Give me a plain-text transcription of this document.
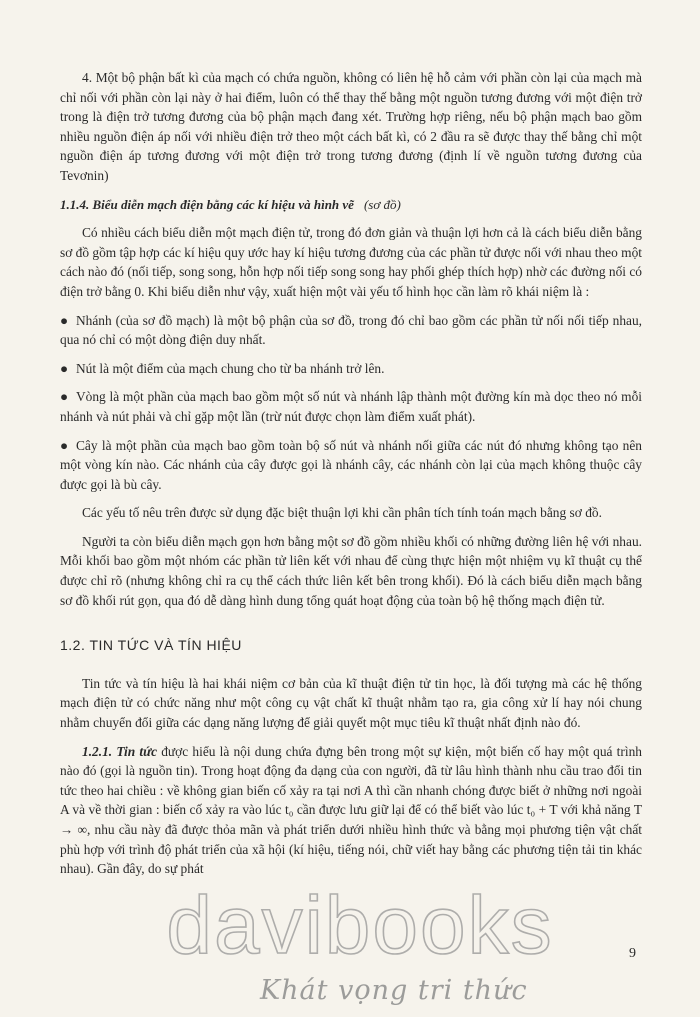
4. Một bộ phận bất kì của mạch có chứa nguồn, không có liên hệ hỗ cảm với phần còn lại của mạch mà chỉ nối với phần còn lại này ở hai điểm, luôn có thể thay thế bằng một nguồn tương đương với một điện trở trong là điện trở tương đương của bộ phận mạch đang xét. Trường hợp riêng, nếu bộ phận mạch bao gồm nhiều nguồn điện áp nối với nhiều điện trở theo một cách bất kì, có 2 đầu ra sẽ được thay thế bằng chỉ một nguồn điện áp tương đương với một điện trở trong tương đương (định lí về nguồn tương đương của Tevơnin)

1.1.4. Biểu diễn mạch điện bằng các kí hiệu và hình vẽ (sơ đồ)

Có nhiều cách biểu diễn một mạch điện tử, trong đó đơn giản và thuận lợi hơn cả là cách biểu diễn bằng sơ đồ gồm tập hợp các kí hiệu quy ước hay kí hiệu tương đương của các phần tử được nối với nhau theo một cách nào đó (nối tiếp, song song, hỗn hợp nối tiếp song song hay phối ghép thích hợp) nhờ các đường nối có điện trở bằng 0. Khi biểu diễn như vậy, xuất hiện một vài yếu tố hình học cần làm rõ khái niệm là :

● Nhánh (của sơ đồ mạch) là một bộ phận của sơ đồ, trong đó chỉ bao gồm các phần tử nối nối tiếp nhau, qua nó chỉ có một dòng điện duy nhất.

● Nút là một điểm của mạch chung cho từ ba nhánh trở lên.

● Vòng là một phần của mạch bao gồm một số nút và nhánh lập thành một đường kín mà dọc theo nó mỗi nhánh và nút phải và chỉ gặp một lần (trừ nút được chọn làm điểm xuất phát).

● Cây là một phần của mạch bao gồm toàn bộ số nút và nhánh nối giữa các nút đó nhưng không tạo nên một vòng kín nào. Các nhánh của cây được gọi là nhánh cây, các nhánh còn lại của mạch không thuộc cây được gọi là bù cây.

Các yếu tố nêu trên được sử dụng đặc biệt thuận lợi khi cần phân tích tính toán mạch bằng sơ đồ.

Người ta còn biểu diễn mạch gọn hơn bằng một sơ đồ gồm nhiều khối có những đường liên hệ với nhau. Mỗi khối bao gồm một nhóm các phần tử liên kết với nhau để cùng thực hiện một nhiệm vụ kĩ thuật cụ thể được chỉ rõ (nhưng không chỉ ra cụ thể cách thức liên kết bên trong khối). Đó là cách biểu diễn mạch bằng sơ đồ khối rút gọn, qua đó dễ dàng hình dung tổng quát hoạt động của toàn bộ hệ thống mạch điện tử.

1.2. TIN TỨC VÀ TÍN HIỆU

Tin tức và tín hiệu là hai khái niệm cơ bản của kĩ thuật điện tử tin học, là đối tượng mà các hệ thống mạch điện tử có chức năng như một công cụ vật chất kĩ thuật nhằm tạo ra, gia công xử lí hay nói chung nhằm chuyển đổi giữa các dạng năng lượng để giải quyết một mục tiêu kĩ thuật nhất định nào đó.

1.2.1. Tin tức được hiểu là nội dung chứa đựng bên trong một sự kiện, một biến cố hay một quá trình nào đó (gọi là nguồn tin). Trong hoạt động đa dạng của con người, đã từ lâu hình thành nhu cầu trao đổi tin tức theo hai chiều : về không gian biến cố xảy ra tại nơi A thì cần nhanh chóng được biết ở những nơi ngoài A và về thời gian : biến cố xảy ra vào lúc t₀ cần được lưu giữ lại để có thể biết vào lúc t₀ + T với khả năng T → ∞, nhu cầu này đã được thỏa mãn và phát triển dưới nhiều hình thức và bằng mọi phương tiện vật chất phù hợp với trình độ phát triển của xã hội (kí hiệu, tiếng nói, chữ viết hay bằng các phương tiện tải tin khác nhau). Gần đây, do sự phát

davibooks	9
Khát vọng tri thức
